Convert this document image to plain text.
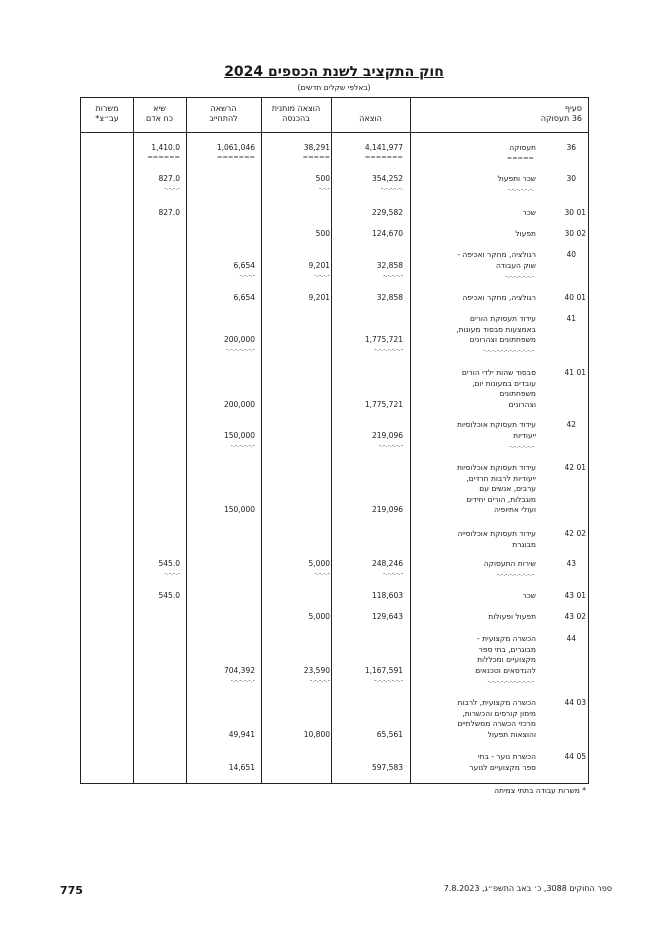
חוק התקציב לשנת הכספים 2024
(באלפי שקלים חדשים)
משרות
עב״צ*
שיא
כח אדם
הרשאה
להתחייב
הוצאה מותנית
בהכנסה	הוצאה
סעיף
36 תעסוקה
36
תעסוקה
=====
4,141,977
=======
38,291
=====
1,061,046
=======
1,410.0
======
30
שכר ותפעול
-.-.-.-.-.-.
354,252
-.-.-.-.-.
500
-.-.-
827.0
-.-.-.-
30 01
שכר
229,582
827.0
30 02
תפעול
124,670
500
40
רגולציה, מחקר ואכיפה -
שוק העבודה
-.-.-.-.-.-.-
32,858
-.-.-.-.-
9,201
-.-.-.-
6,654
-.-.-.-
40 01
רגולציה, מחקר ואכיפה
32,858
9,201
6,654
41
עידוד תעסוקת הורים
באמצעות סבסוד מעונות,
משפחתונים וצהרונים
-.-.-.-.-.-.-.-.-.-.-.-
1,775,721
-.-.-.-.-.-.-
200,000
-.-.-.-.-.-.-
41 01
סבסוד שהות ילדי הורים
עובדים במעונות יום,
משפחתונים
וצהרונים
1,775,721
200,000
42
עידוד תעסוקת אוכלוסיות
ייעודיות
-.-.-.-.-.-
219,096
-.-.-.-.-.-
150,000
-.-.-.-.-.-
42 01
עידוד תעסוקת אוכלוסיות
ייעודיות לרבות חרדים,
ערבים, אנשים עם
מוגבלות, הורים יחידים
ועולי אתיופיה
219,096
150,000
42 02
עידוד תעסוקת אוכלוסייה
מבוגרת
43
שירות התעסוקה
-.-.-.-.-.-.-.-.-
248,246
-.-.-.-.-
5,000
-.-.-.-
545.0
-.-.-.-
43 01
שכר
118,603
545.0
43 02
תפעול ופעולות
129,643
5,000
44
הכשרה מקצועית -
מבוגרים, בתי ספר
מקצועיים ומכללות
להנדסאים וטכנאים
-.-.-.-.-.-.-.-.-.-.-
1,167,591
-.-.-.-.-.-.-
23,590
-.-.-.-.-
704,392
-.-.-.-.-.-
44 03
הכשרה מקצועית, לרבות
מימון קורסים והכשרות,
מרכזי הכשרה ממשלתיים
והוצאות תפעול
65,561
10,800
49,941
44 05
הכשרת נוער - בתי
ספר מקצועיים לנוער
597,583
14,651
* משרות עבודה בתתי צמיתה
775	ספר החוקים 3088, כ׳ באב התשפ״ג, 7.8.2023
